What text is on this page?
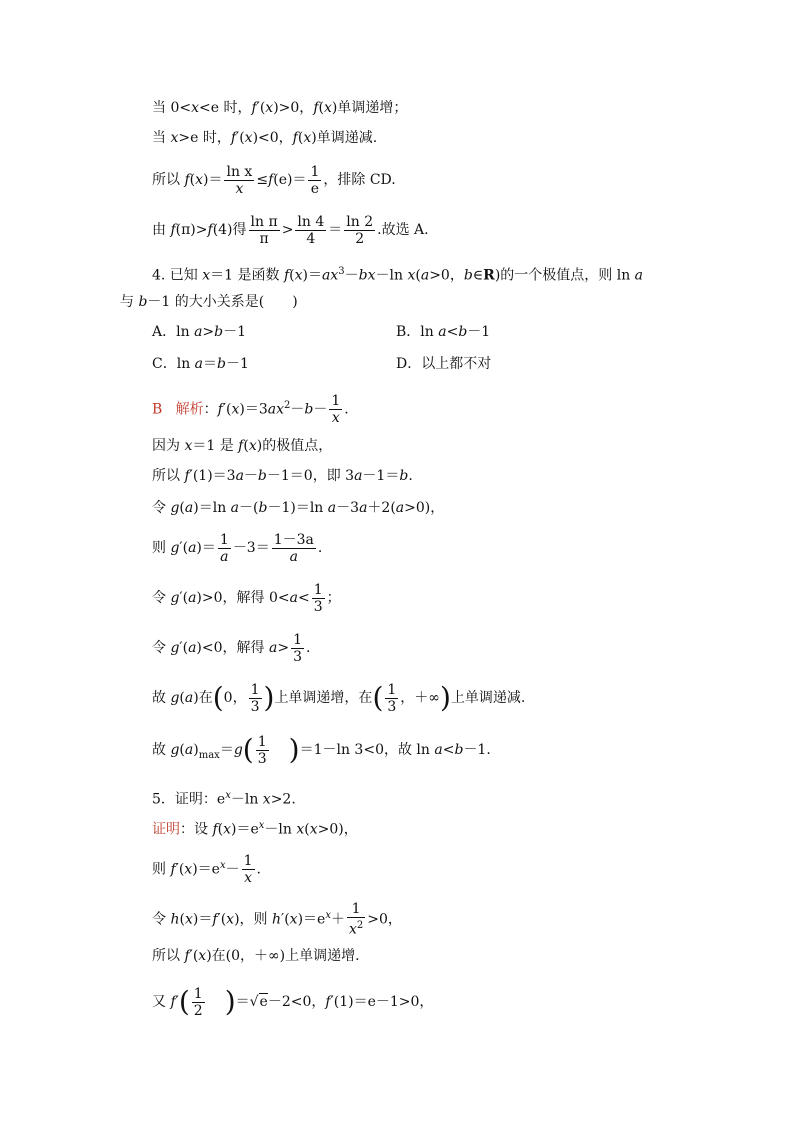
当 0<x<e 时，f′(x)>0，f(x)单调递增；
当 x>e 时，f′(x)<0，f(x)单调递减.
所以 $f(x)= \frac{\text{ln x}}{x} \le f(e)= \frac{1}{e}$ ，排除 CD.
由 f(π)>f(4)得 $\frac{\text{ln π}}{\pi} > \frac{\ln 4}{4} = \frac{\ln 2}{2}$ .故选 A.
4. 已知 x＝1 是函数 $f(x)=ax^3-bx-\ln$ x(a>0，b∈R)的一个极值点，则 ln a
与 b－1 的大小关系是(　　)
A．ln a>b－1	B．ln a<b－1
C．ln a＝b－1	D．以上都不对
B 解析：$f'(x)=3ax^2-b- \frac{1}{x}$ .
因为 x＝1 是 f(x)的极值点，
所以 f′(1)＝3a－b－1＝0，即 3a－1＝b.
令 g(a)＝ln a－(b－1)＝ln a－3a＋2(a>0)，
则 $g'(a)= \frac{1}{a} -3= \frac{1-3a}{a}$ .
令 g′(a)>0，解得 $0<a< \frac{1}{3}$ ；
令 g′(a)<0，解得 $a> \frac{1}{3}$ .
故 g(a)在(0， $\frac{1}{3}$ )上单调递增，在( $\frac{1}{3}$ ，＋∞)上单调递减.
故 $g(a)_{max}=g( \frac{1}{3} )=1-\ln$ 3<0，故 ln a<b－1.
5．证明：$e^x-\ln$ x>2.
证明：设 $f(x)=e^x-\ln$ x(x>0)，
则 $f'(x)=e^x- \frac{1}{x}$ .
令 h(x)＝f′(x)，则 $h'(x)=e^x+ \frac{1}{x^2} >0$，
所以 f′(x)在(0，＋∞)上单调递增.
又 $f'( \frac{1}{2} )=√e-2<0$，f′(1)＝e－1>0，
